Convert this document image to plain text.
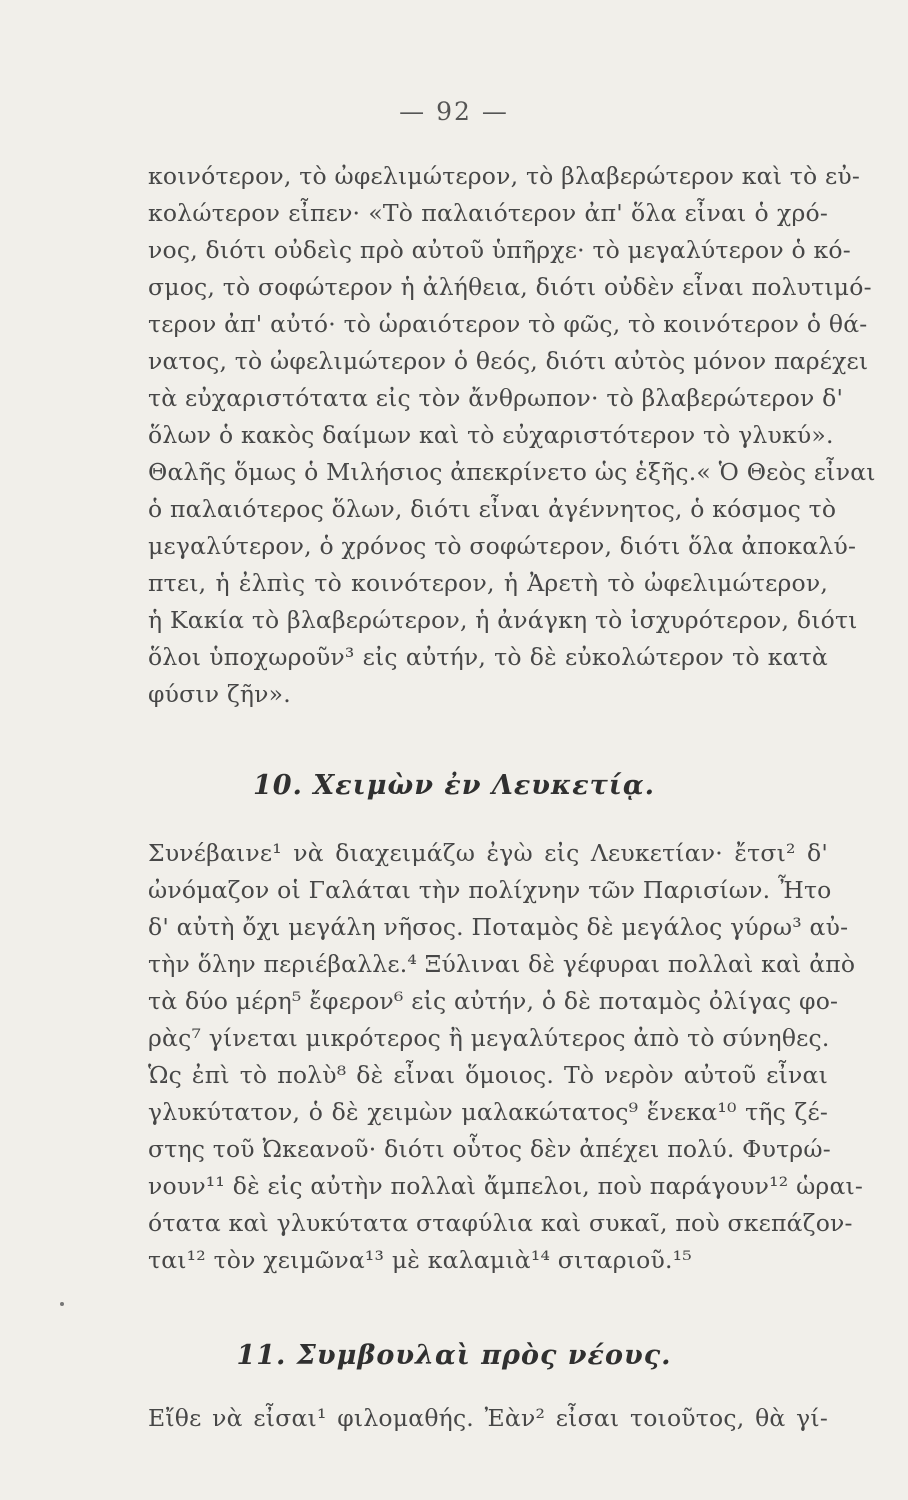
— 92 —
κοινότερον, τὸ ὠφελιμώτερον, τὸ βλαβερώτερον καὶ τὸ εὐ-
κολώτερον εἶπεν· «Τὸ παλαιότερον ἀπ' ὅλα εἶναι ὁ χρό-
νος, διότι οὐδεὶς πρὸ αὐτοῦ ὑπῆρχε· τὸ μεγαλύτερον ὁ κό-
σμος, τὸ σοφώτερον ἡ ἀλήθεια, διότι οὐδὲν εἶναι πολυτιμό-
τερον ἀπ' αὐτό· τὸ ὡραιότερον τὸ φῶς, τὸ κοινότερον ὁ θά-
νατος, τὸ ὠφελιμώτερον ὁ θεός, διότι αὐτὸς μόνον παρέχει
τὰ εὐχαριστότατα εἰς τὸν ἄνθρωπον· τὸ βλαβερώτερον δ'
ὅλων ὁ κακὸς δαίμων καὶ τὸ εὐχαριστότερον τὸ γλυκύ».
Θαλῆς ὅμως ὁ Μιλήσιος ἀπεκρίνετο ὡς ἑξῆς.« Ὁ Θεὸς εἶναι
ὁ παλαιότερος ὅλων, διότι εἶναι ἀγέννητος, ὁ κόσμος τὸ
μεγαλύτερον, ὁ χρόνος τὸ σοφώτερον, διότι ὅλα ἀποκαλύ-
πτει, ἡ ἐλπὶς τὸ κοινότερον, ἡ Ἀρετὴ τὸ ὠφελιμώτερον,
ἡ Κακία τὸ βλαβερώτερον, ἡ ἀνάγκη τὸ ἰσχυρότερον, διότι
ὅλοι ὑποχωροῦν³ εἰς αὐτήν, τὸ δὲ εὐκολώτερον τὸ κατὰ
φύσιν ζῆν».
10. Χειμὼν ἐν Λευκετίᾳ.
Συνέβαινε¹ νὰ διαχειμάζω ἐγὼ εἰς Λευκετίαν· ἔτσι² δ'
ὠνόμαζον οἱ Γαλάται τὴν πολίχνην τῶν Παρισίων. Ἦτο
δ' αὐτὴ ὄχι μεγάλη νῆσος. Ποταμὸς δὲ μεγάλος γύρω³ αὐ-
τὴν ὅλην περιέβαλλε.⁴ Ξύλιναι δὲ γέφυραι πολλαὶ καὶ ἀπὸ
τὰ δύο μέρη⁵ ἔφερον⁶ εἰς αὐτήν, ὁ δὲ ποταμὸς ὀλίγας φο-
ρὰς⁷ γίνεται μικρότερος ἢ μεγαλύτερος ἀπὸ τὸ σύνηθες.
Ὡς ἐπὶ τὸ πολὺ⁸ δὲ εἶναι ὅμοιος. Τὸ νερὸν αὐτοῦ εἶναι
γλυκύτατον, ὁ δὲ χειμὼν μαλακώτατος⁹ ἕνεκα¹⁰ τῆς ζέ-
στης τοῦ Ὠκεανοῦ· διότι οὗτος δὲν ἀπέχει πολύ. Φυτρώ-
νουν¹¹ δὲ εἰς αὐτὴν πολλαὶ ἄμπελοι, ποὺ παράγουν¹² ὡραι-
ότατα καὶ γλυκύτατα σταφύλια καὶ συκαῖ, ποὺ σκεπάζον-
ται¹² τὸν χειμῶνα¹³ μὲ καλαμιὰ¹⁴ σιταριοῦ.¹⁵
11. Συμβουλαὶ πρὸς νέους.
Εἴθε νὰ εἶσαι¹ φιλομαθής. Ἐὰν² εἶσαι τοιοῦτος, θὰ γί-
